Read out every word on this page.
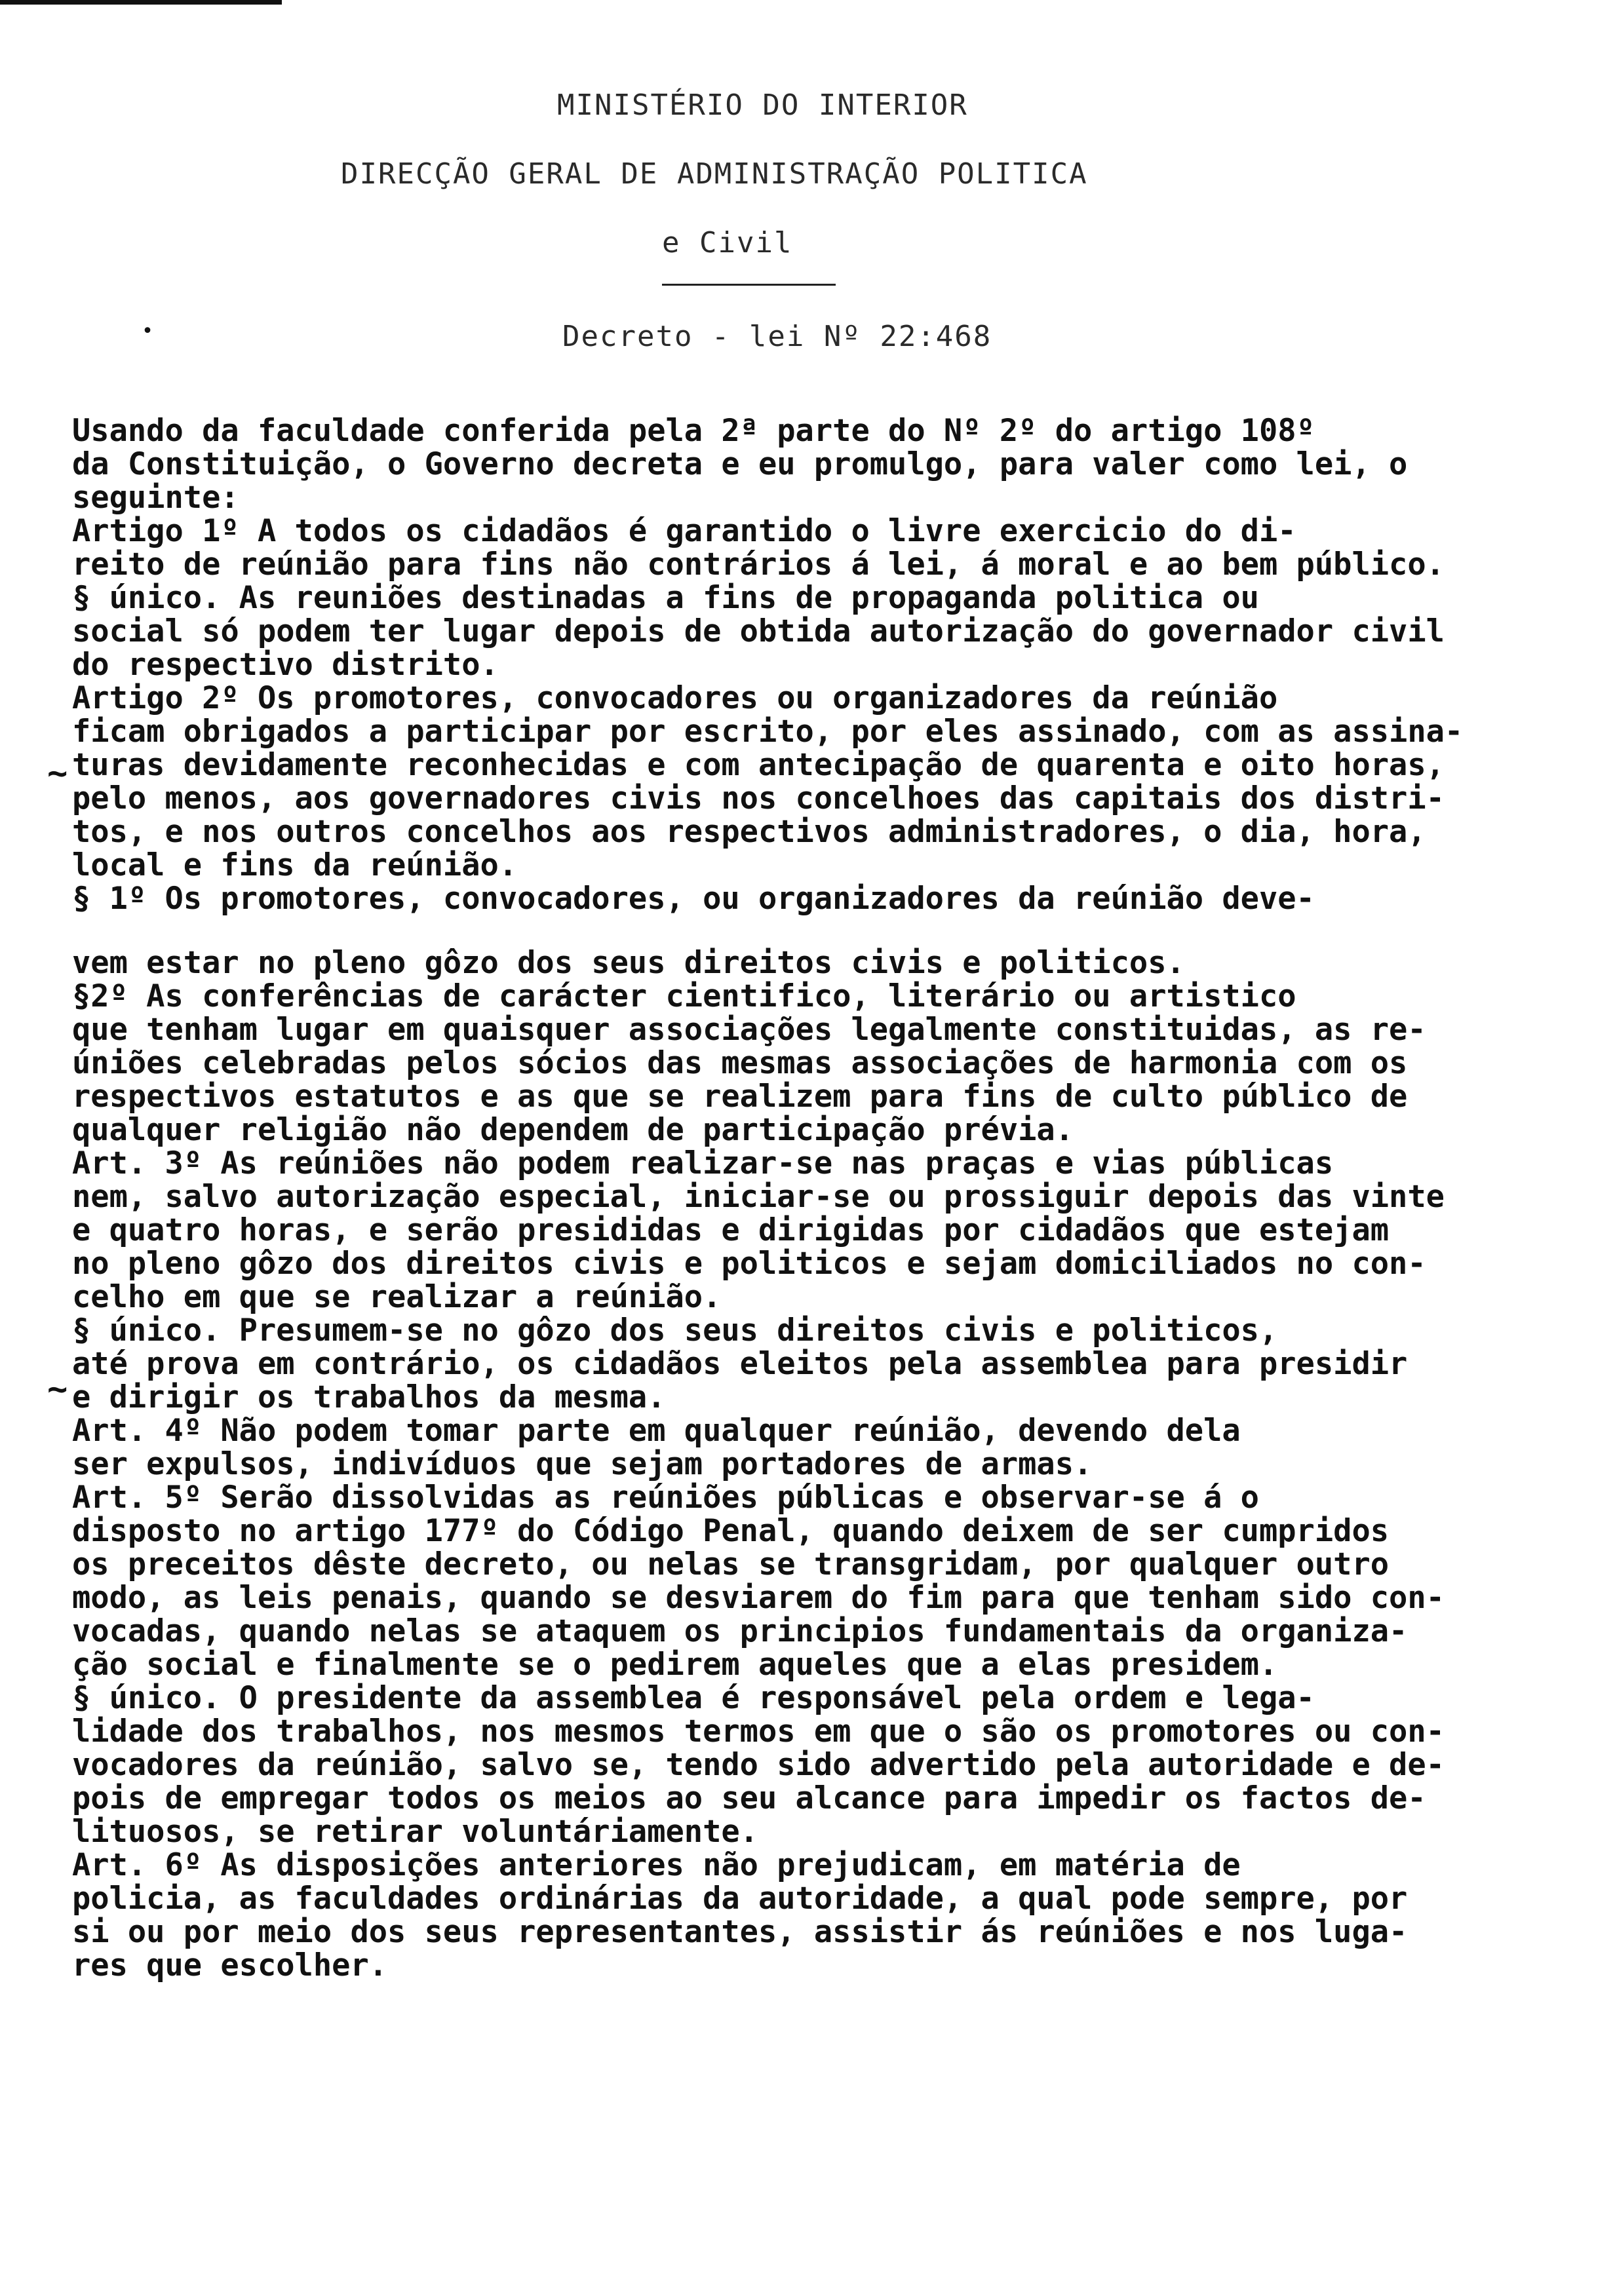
MINISTÉRIO DO INTERIOR
DIRECÇÃO GERAL DE ADMINISTRAÇÃO POLITICA
e Civil
•	Decreto - lei Nº 22:468
~
~
Usando da faculdade conferida pela 2ª parte do Nº 2º do artigo 108º
da Constituição, o Governo decreta e eu promulgo, para valer como lei, o
seguinte:
Artigo 1º A todos os cidadãos é garantido o livre exercicio do di-
reito de reúnião para fins não contrários á lei, á moral e ao bem público.
§ único. As reuniões destinadas a fins de propaganda politica ou
social só podem ter lugar depois de obtida autorização do governador civil
do respectivo distrito.
Artigo 2º Os promotores, convocadores ou organizadores da reúnião
ficam obrigados a participar por escrito, por eles assinado, com as assina-
turas devidamente reconhecidas e com antecipação de quarenta e oito horas,
pelo menos, aos governadores civis nos concelhoes das capitais dos distri-
tos, e nos outros concelhos aos respectivos administradores, o dia, hora,
local e fins da reúnião.
§ 1º Os promotores, convocadores, ou organizadores da reúnião deve-
vem estar no pleno gôzo dos seus direitos civis e politicos.
§2º As conferências de carácter cientifico, literário ou artistico
que tenham lugar em quaisquer associações legalmente constituidas, as re-
úniões celebradas pelos sócios das mesmas associações de harmonia com os
respectivos estatutos e as que se realizem para fins de culto público de
qualquer religião não dependem de participação prévia.
Art. 3º As reúniões não podem realizar-se nas praças e vias públicas
nem, salvo autorização especial, iniciar-se ou prossiguir depois das vinte
e quatro horas, e serão presididas e dirigidas por cidadãos que estejam
no pleno gôzo dos direitos civis e politicos e sejam domiciliados no con-
celho em que se realizar a reúnião.
§ único. Presumem-se no gôzo dos seus direitos civis e politicos,
até prova em contrário, os cidadãos eleitos pela assemblea para presidir
e dirigir os trabalhos da mesma.
Art. 4º Não podem tomar parte em qualquer reúnião, devendo dela
ser expulsos, indivíduos que sejam portadores de armas.
Art. 5º Serão dissolvidas as reúniões públicas e observar-se á o
disposto no artigo 177º do Código Penal, quando deixem de ser cumpridos
os preceitos dêste decreto, ou nelas se transgridam, por qualquer outro
modo, as leis penais, quando se desviarem do fim para que tenham sido con-
vocadas, quando nelas se ataquem os principios fundamentais da organiza-
ção social e finalmente se o pedirem aqueles que a elas presidem.
§ único. O presidente da assemblea é responsável pela ordem e lega-
lidade dos trabalhos, nos mesmos termos em que o são os promotores ou con-
vocadores da reúnião, salvo se, tendo sido advertido pela autoridade e de-
pois de empregar todos os meios ao seu alcance para impedir os factos de-
lituosos, se retirar voluntáriamente.
Art. 6º As disposições anteriores não prejudicam, em matéria de
policia, as faculdades ordinárias da autoridade, a qual pode sempre, por
si ou por meio dos seus representantes, assistir ás reúniões e nos luga-
res que escolher.
